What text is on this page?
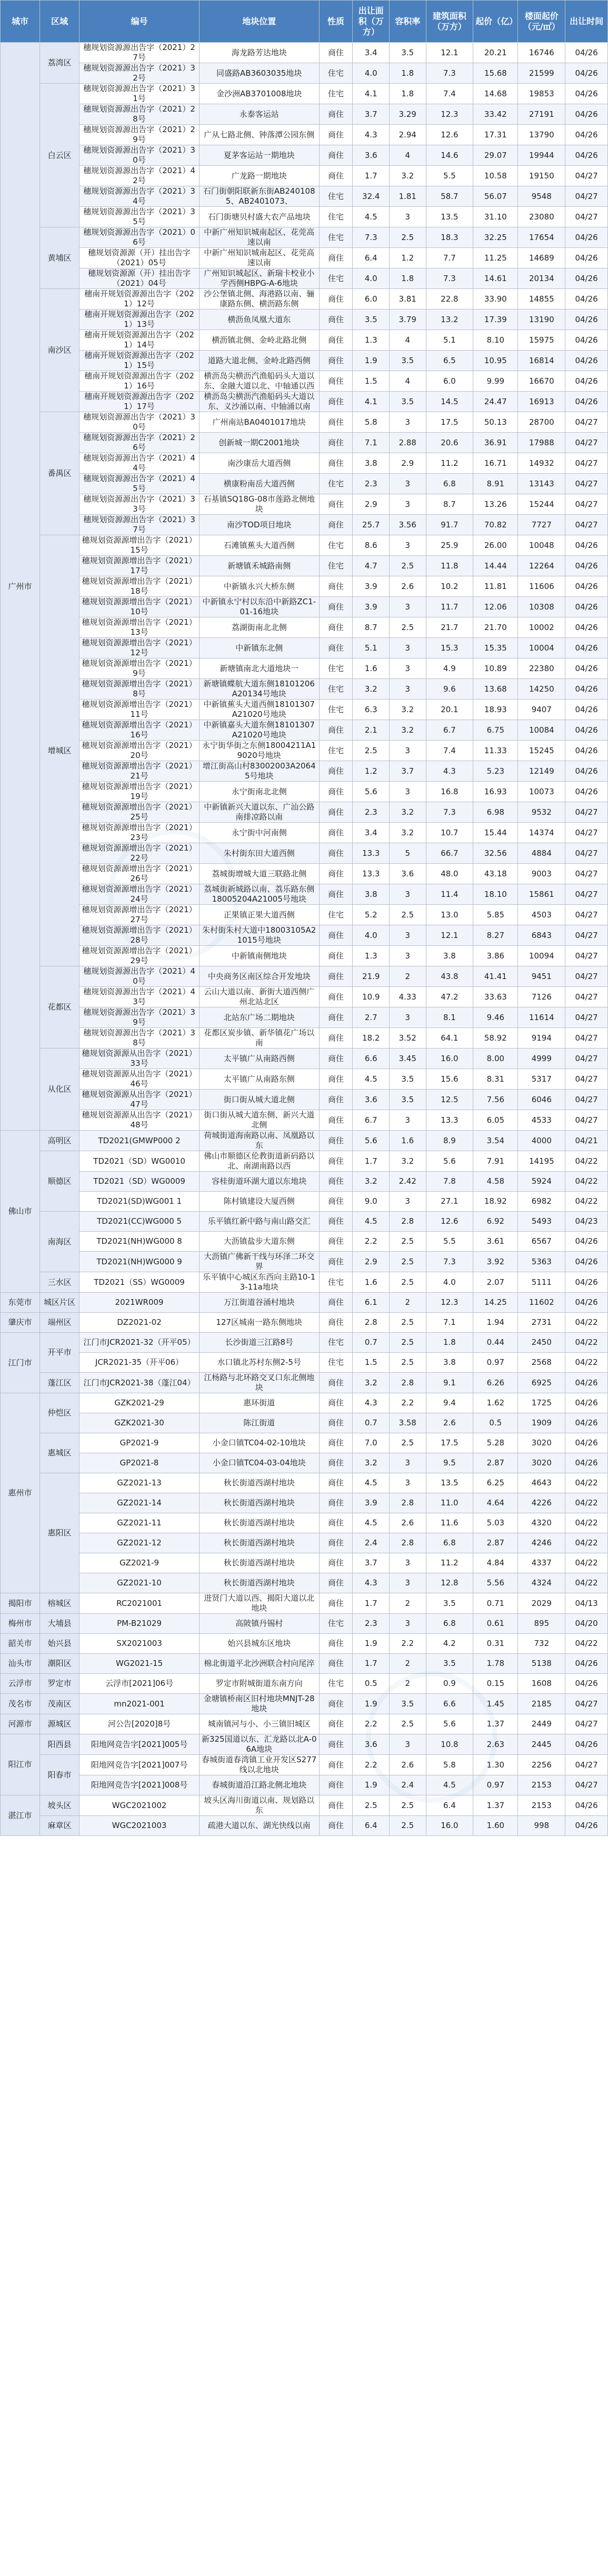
城市	区域	编号	地块位置	性质	出让面积（万方）	容积率	建筑面积（万方）	起价（亿）	楼面起价（元/㎡）	出让时间
广州市	荔湾区	穗规划资源源出告字（2021）27号	海龙路芳达地块	商住	3.4	3.5	12.1	20.21	16746	04/26
		穗规划资源源出告字（2021）32号	同盛路AB3603035地块	住宅	4.0	1.8	7.3	15.68	21599	04/26
	白云区	穗规划资源源出告字（2021）31号	金沙洲AB3701008地块	住宅	4.1	1.8	7.4	14.68	19853	04/26
		穗规划资源源出告字（2021）28号	永泰客运站	商住	3.7	3.29	12.3	33.42	27191	04/26
		穗规划资源源出告字（2021）29号	广从七路北侧、钟落潭公园东侧	商住	4.3	2.94	12.6	17.31	13790	04/26
		穗规划资源源出告字（2021）30号	夏茅客运站一期地块	商住	3.6	4	14.6	29.07	19944	04/26
		穗规划资源源出告字（2021）42号	广龙路一期地块	商住	1.7	3.2	5.5	10.58	19150	04/27
		穗规划资源源出告字（2021）34号	石门街朝阳联新东街AB2401085、AB2401073、	住宅	32.4	1.81	58.7	56.07	9548	04/27
		穗规划资源源出告字（2021）35号	石门街塘贝村盛大农产品地块	住宅	4.5	3	13.5	31.10	23080	04/27
	黄埔区	穗规划资源源出告字（2021）06号	中新广州知识城南起区、花莞高速以南	住宅	7.3	2.5	18.3	32.25	17654	04/26
		穗规划资源源（开）挂出告字（2021）05号	中新广州知识城南起区、花莞高速以南	商住	6.4	1.2	7.7	11.25	14689	04/26
		穗规划资源源（开）挂出告字（2021）04号	广州知识城起区、新瑞卡校业小学西侧HBPG-A-6地块	住宅	4.0	1.8	7.3	14.61	20134	04/26
	南沙区	穗南开规划资源源出告字（2021）12号	沙公堡镇北侧、海港路以南、骊康路东侧、横沥路东侧	商住	6.0	3.81	22.8	33.90	14855	04/26
		穗南开规划资源源出告字（2021）13号	横沥鱼凤凰大道东	商住	3.5	3.79	13.2	17.39	13190	04/26
		穗南开规划资源源出告字（2021）14号	横沥镇北侧、金岭北路北侧	商住	1.3	4	5.1	8.10	15975	04/26
		穗南开规划资源源出告字（2021）15号	道路大道北侧、金岭北路西侧	商住	1.9	3.5	6.5	10.95	16814	04/26
		穗南开规划资源源出告字（2021）16号	横沥岛尖横沥汽渔船码头大道以东、金融大道以北、中轴通以西	商住	1.5	4	6.0	9.99	16670	04/26
		穗南开规划资源源出告字（2021）17号	横沥岛尖横沥汽渔船码头大道以东、义沙涌以南、中轴涌以南	商住	4.1	3.5	14.5	24.47	16913	04/26
	番禺区	穗规划资源源出告字（2021）30号	广州南站BA0401017地块	商住	5.8	3	17.5	50.13	28700	04/27
		穗规划资源源出告字（2021）26号	创新城一期C2001地块	商住	7.1	2.88	20.6	36.91	17988	04/27
		穗规划资源源出告字（2021）44号	南沙康岳大道西侧	商住	3.8	2.9	11.2	16.71	14932	04/27
		穗规划资源源出告字（2021）45号	横康粉南岳大道西侧	住宅	2.3	3	6.8	8.91	13143	04/27
		穗规划资源源出告字（2021）33号	石基镇SQ18G-08市莲路北侧地块	商住	2.9	3	8.7	13.26	15244	04/27
		穗规划资源源出告字（2021）37号	南沙TOD项目地块	商住	25.7	3.56	91.7	70.82	7727	04/27
	增城区	穗规划资源源增出告字（2021）15号	石滩镇蕉头大道西侧	住宅	8.6	3	25.9	26.00	10048	04/26
		穗规划资源源增出告字（2021）17号	新塘镇禾城路南侧	住宅	4.7	2.5	11.8	14.44	12264	04/26
		穗规划资源源增出告字（2021）18号	中新镇永兴大桥东侧	商住	3.9	2.6	10.2	11.81	11606	04/26
		穗规划资源源增出告字（2021）10号	中新镇永宁村以东沿中新路ZC1-01-16地块	商住	3.9	3	11.7	12.06	10308	04/26
		穗规划资源源增出告字（2021）13号	荔湖街南北北侧	商住	8.7	2.5	21.7	21.70	10002	04/26
		穗规划资源源增出告字（2021）12号	中新镇东北侧	商住	5.1	3	15.3	15.35	10004	04/26
		穗规划资源源增出告字（2021）9号	新塘镇南北大道地块一	住宅	1.6	3	4.9	10.89	22380	04/26
		穗规划资源源增出告字（2021）8号	新塘镇蝶航大道东侧18101206A20134号地块	住宅	3.2	3	9.6	13.68	14250	04/26
		穗规划资源源增出告字（2021）11号	中新镇蕉头大道西侧18101307A21020号地块	住宅	6.3	3.2	20.1	18.93	9407	04/26
		穗规划资源源增出告字（2021）16号	中新镇嘉头大道东侧18101307A21020号地块	商住	2.1	3.2	6.7	6.75	10084	04/26
		穗规划资源源增出告字（2021）20号	永宁街华街之东侧18004211A19020号地块	住宅	2.5	3	7.4	11.33	15245	04/26
		穗规划资源源增出告字（2021）21号	增江街高山村83002003A20645号地块	商住	1.2	3.7	4.3	5.23	12149	04/26
		穗规划资源源增出告字（2021）19号	永宁街南北北侧	商住	5.6	3	16.8	16.93	10073	04/26
		穗规划资源源增出告字（2021）25号	中新镇新兴大道以东、广汕公路南排凉路以南	商住	2.3	3.2	7.3	6.98	9532	04/27
		穗规划资源源增出告字（2021）23号	永宁街中河南侧	商住	3.4	3.2	10.7	15.44	14374	04/27
		穗规划资源源增出告字（2021）22号	朱村街东田大道西侧	商住	13.3	5	66.7	32.56	4884	04/27
		穗规划资源源增出告字（2021）26号	荔城街增城大道三联路北侧	商住	13.3	3.6	48.0	43.18	9003	04/27
		穗规划资源源增出告字（2021）24号	荔城街新城路以南、荔乐路东侧18005204A21005号地块	商住	3.8	3	11.4	18.10	15861	04/27
		穗规划资源源增出告字（2021）27号	正果镇正果大道西侧	住宅	5.2	2.5	13.0	5.85	4503	04/27
		穗规划资源源增出告字（2021）28号	朱村街朱村大道中18003105A21015号地块	商住	4.0	3	12.1	8.27	6843	04/27
		穗规划资源源增出告字（2021）29号	中新镇南侧地块	商住	1.3	3	3.8	3.86	10094	04/27
	花都区	穗规划资源源出告字（2021）40号	中央商务区南区综合开发地块	商住	21.9	2	43.8	41.41	9451	04/27
		穗规划资源源出告字（2021）43号	云山大道以南、新街大道西侧广州北站北区	商住	10.9	4.33	47.2	33.63	7126	04/27
		穗规划资源源出告字（2021）39号	北站东广场二期地块	商住	2.7	3	8.1	9.46	11614	04/27
		穗规划资源源出告字（2021）38号	花都区炭步镇、新华镇花广场以南	商住	18.2	3.52	64.1	58.92	9194	04/27
	从化区	穗规划资源源从出告字（2021）33号	太平镇广从南路西侧	商住	6.6	3.45	16.0	8.00	4999	04/27
		穗规划资源源从出告字（2021）46号	太平镇广从南路东侧	商住	4.5	3.5	15.6	8.31	5317	04/27
		穗规划资源源从出告字（2021）47号	街口街从城大道北侧	商住	3.6	3.5	12.5	7.56	6046	04/27
		穗规划资源源从出告字（2021）48号	街口街从城大道东侧、新兴大道北侧	商住	6.7	3	13.3	6.05	4533	04/27
佛山市	高明区	TD2021(GMWP000 2	荷城街道海南路以南、凤凰路以东	商住	5.6	1.6	8.9	3.54	4000	04/21
	顺德区	TD2021（SD）WG0010	佛山市顺德区伦教街道新码路以北、南湖南路以西	商住	1.7	3.2	5.6	7.91	14195	04/22
		TD2021（SD）WG0009	容桂街道环湖大道以东地块	商住	3.2	2.42	7.8	4.58	5924	04/22
		TD2021(SD)WG001 1	陈村镇建设大厦西侧	商住	9.0	3	27.1	18.92	6982	04/22
	南海区	TD2021(CC)WG000 5	乐平镇红新中路与南山路交汇	商住	4.5	2.8	12.6	6.92	5493	04/23
		TD2021(NH)WG000 8	大沥镇盐步大道东侧	商住	2.2	2.5	5.5	3.61	6567	04/26
		TD2021(NH)WG000 9	大沥镇广佛新干线与环泽二环交界	商住	2.9	2.5	7.3	3.92	5363	04/26
	三水区	TD2021（SS）WG0009	乐平镇中心城区东西向主路10-13-11a地块	住宅	1.6	2.5	4.0	2.07	5111	04/26
东莞市	城区片区	2021WR009	万江街道谷涌村地块	商住	6.1	2	12.3	14.25	11602	04/26
肇庆市	端州区	DZ2021-02	127区城南一路东侧地块	商住	2.8	2.5	7.1	1.94	2731	04/22
江门市	开平市	江门市JCR2021-32（开平05）	长沙街道三江路8号	住宅	0.7	2.5	1.8	0.44	2450	04/22
		JCR2021-35（开平06）	水口镇北苏村东侧2-5号	住宅	1.5	2.5	3.8	0.97	2568	04/22
	蓬江区	江门市JCR2021-38（蓬江04）	江杨路与北环路交叉口东北侧地块	商住	3.2	2.8	9.1	6.26	6925	04/26
惠州市	仲恺区	GZK2021-29	惠环街道	商住	4.3	2.2	9.4	1.62	1725	04/26
		GZK2021-30	陈江街道	商住	0.7	3.58	2.6	0.5	1909	04/26
	惠城区	GP2021-9	小金口镇TC04-02-10地块	商住	7.0	2.5	17.5	5.28	3020	04/26
		GP2021-8	小金口镇TC04-03-04地块	商住	3.2	3	9.5	2.87	3020	04/26
	惠阳区	GZ2021-13	秋长街道西湖村地块	商住	4.5	3	13.5	6.25	4643	04/22
		GZ2021-14	秋长街道西湖村地块	商住	3.9	2.8	11.0	4.64	4226	04/22
		GZ2021-11	秋长街道西湖村地块	商住	4.5	2.6	11.6	5.03	4320	04/22
		GZ2021-12	秋长街道西湖村地块	商住	2.4	2.8	6.8	2.87	4246	04/22
		GZ2021-9	秋长街道西湖村地块	商住	3.7	3	11.2	4.84	4337	04/22
		GZ2021-10	秋长街道西湖村地块	商住	4.3	3	12.8	5.56	4324	04/22
揭阳市	榕城区	RC2021001	进贤门大道以西、揭阳大道以北地块	商住	1.7	2	3.5	0.71	2029	04/13
梅州市	大埔县	PM-B21029	高陂镇丹锡村	住宅	2.3	3	6.8	0.61	895	04/20
韶关市	始兴县	SX2021003	始兴县城东区地块	商住	1.9	2.2	4.2	0.31	732	04/22
汕头市	潮阳区	WG2021-15	棉北街道平北沙洲联合村向尾淬	商住	1.7	2	3.5	1.78	5138	04/26
云浮市	罗定市	云浮市[2021]06号	罗定市附城街道东南方向	住宅	0.5	2	0.9	0.15	1608	04/26
茂名市	茂南区	mn2021-001	金塘镇桥南区旧村地块MNJT-28地块	商住	1.9	3.5	6.6	1.45	2185	04/27
河源市	源城区	河公告[2020]8号	城南镇河与小、小三镇旧城区	商住	2.2	2.5	5.6	1.37	2449	04/27
阳江市	阳西县	阳地网竞告字[2021]005号	新325国道以东、汇龙路以北A-06A地块	商住	3.6	3	10.8	2.63	2445	04/26
	阳春市	阳地网竞告字[2021]007号	春城街道春湾镇工业开发区S277线以北地块	商住	2.2	2.6	5.8	1.30	2256	04/27
		阳地网竞告字[2021]008号	春城街道沿江路北侧北地块	商住	1.9	2.4	4.5	0.97	2153	04/27
湛江市	坡头区	WGC2021002	坡头区海川街道以南、规划路以东	商住	2.5	2.5	6.4	1.37	2153	04/26
	麻章区	WGC2021003	疏港大道以东、湖光快线以南	商住	6.4	2.5	16.0	1.60	998	04/26
